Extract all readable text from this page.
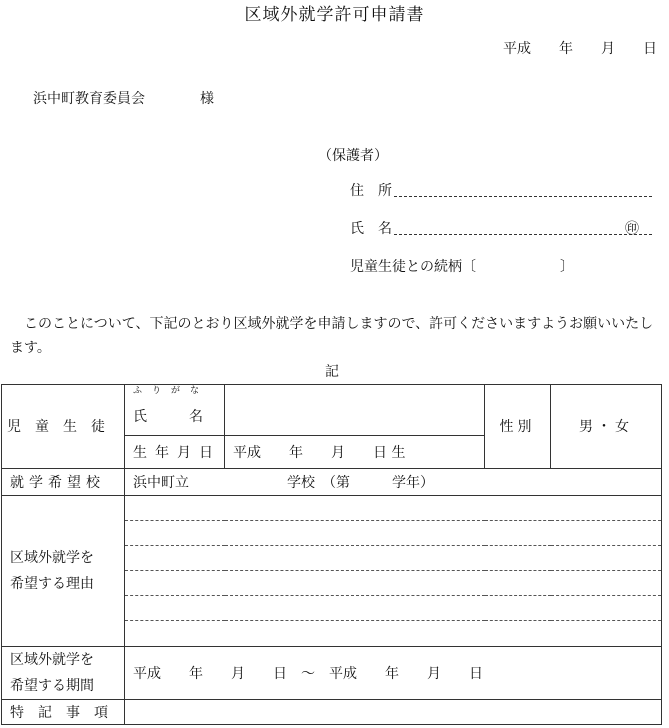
区域外就学許可申請書
平成　　年　　月　　日
浜中町教育委員会	様
（保護者）
住　所
氏　名	㊞
児童生徒との続柄〔　　　　　　〕
このことについて、下記のとおり区域外就学を申請しますので、許可くださいますようお願いいたします。
記
児童生徒	ふりがな		性別	男・女
	氏　名			
	生年月日	平成　　年　　月　　日 生		
就学希望校	浜中町立　　　　　　　学校　（第　　　学年）			

区域外就学を
希望する理由				

区域外就学を
希望する期間	平成　　年　　月　　日　～　平成　　年　　月　　日			
特記事項				
